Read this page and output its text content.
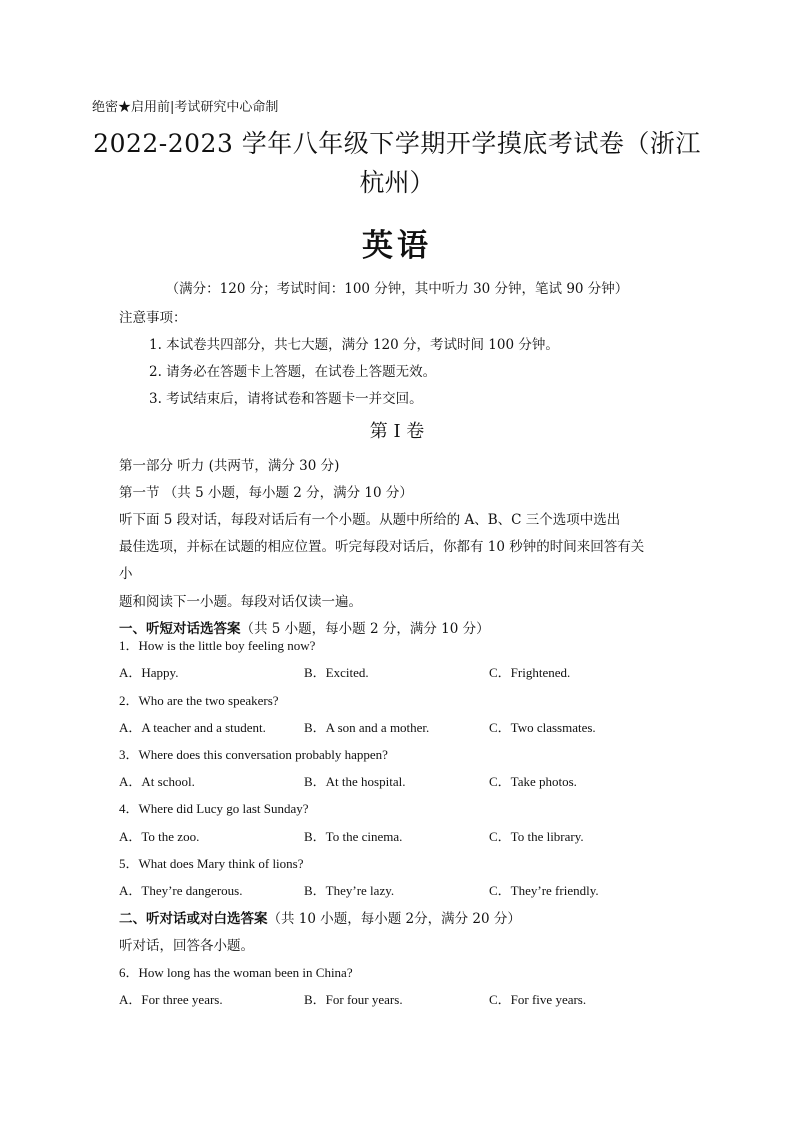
绝密★启用前|考试研究中心命制
2022-2023 学年八年级下学期开学摸底考试卷（浙江
杭州）
英语
（满分：120 分；考试时间：100 分钟，其中听力 30 分钟，笔试 90 分钟）
注意事项：
1. 本试卷共四部分，共七大题，满分 120 分，考试时间 100 分钟。
2. 请务必在答题卡上答题，在试卷上答题无效。
3. 考试结束后，请将试卷和答题卡一并交回。
第 I 卷
第一部分 听力 (共两节，满分 30 分)
第一节 （共 5 小题，每小题 2 分，满分 10 分）
听下面 5 段对话，每段对话后有一个小题。从题中所给的 A、B、C 三个选项中选出
最佳选项，并标在试题的相应位置。听完每段对话后，你都有 10 秒钟的时间来回答有关
小
题和阅读下一小题。每段对话仅读一遍。
一、听短对话选答案（共 5 小题，每小题 2 分，满分 10 分）
1．How is the little boy feeling now?
A．Happy.	B．Excited.	C．Frightened.
2．Who are the two speakers?
A．A teacher and a student.	B．A son and a mother.	C．Two classmates.
3．Where does this conversation probably happen?
A．At school.	B．At the hospital.	C．Take photos.
4．Where did Lucy go last Sunday?
A．To the zoo.	B．To the cinema.	C．To the library.
5．What does Mary think of lions?
A．They’re dangerous.	B．They’re lazy.	C．They’re friendly.
二、听对话或对白选答案（共 10 小题，每小题 2分，满分 20 分）
听对话，回答各小题。
6．How long has the woman been in China?
A．For three years.	B．For four years.	C．For five years.
